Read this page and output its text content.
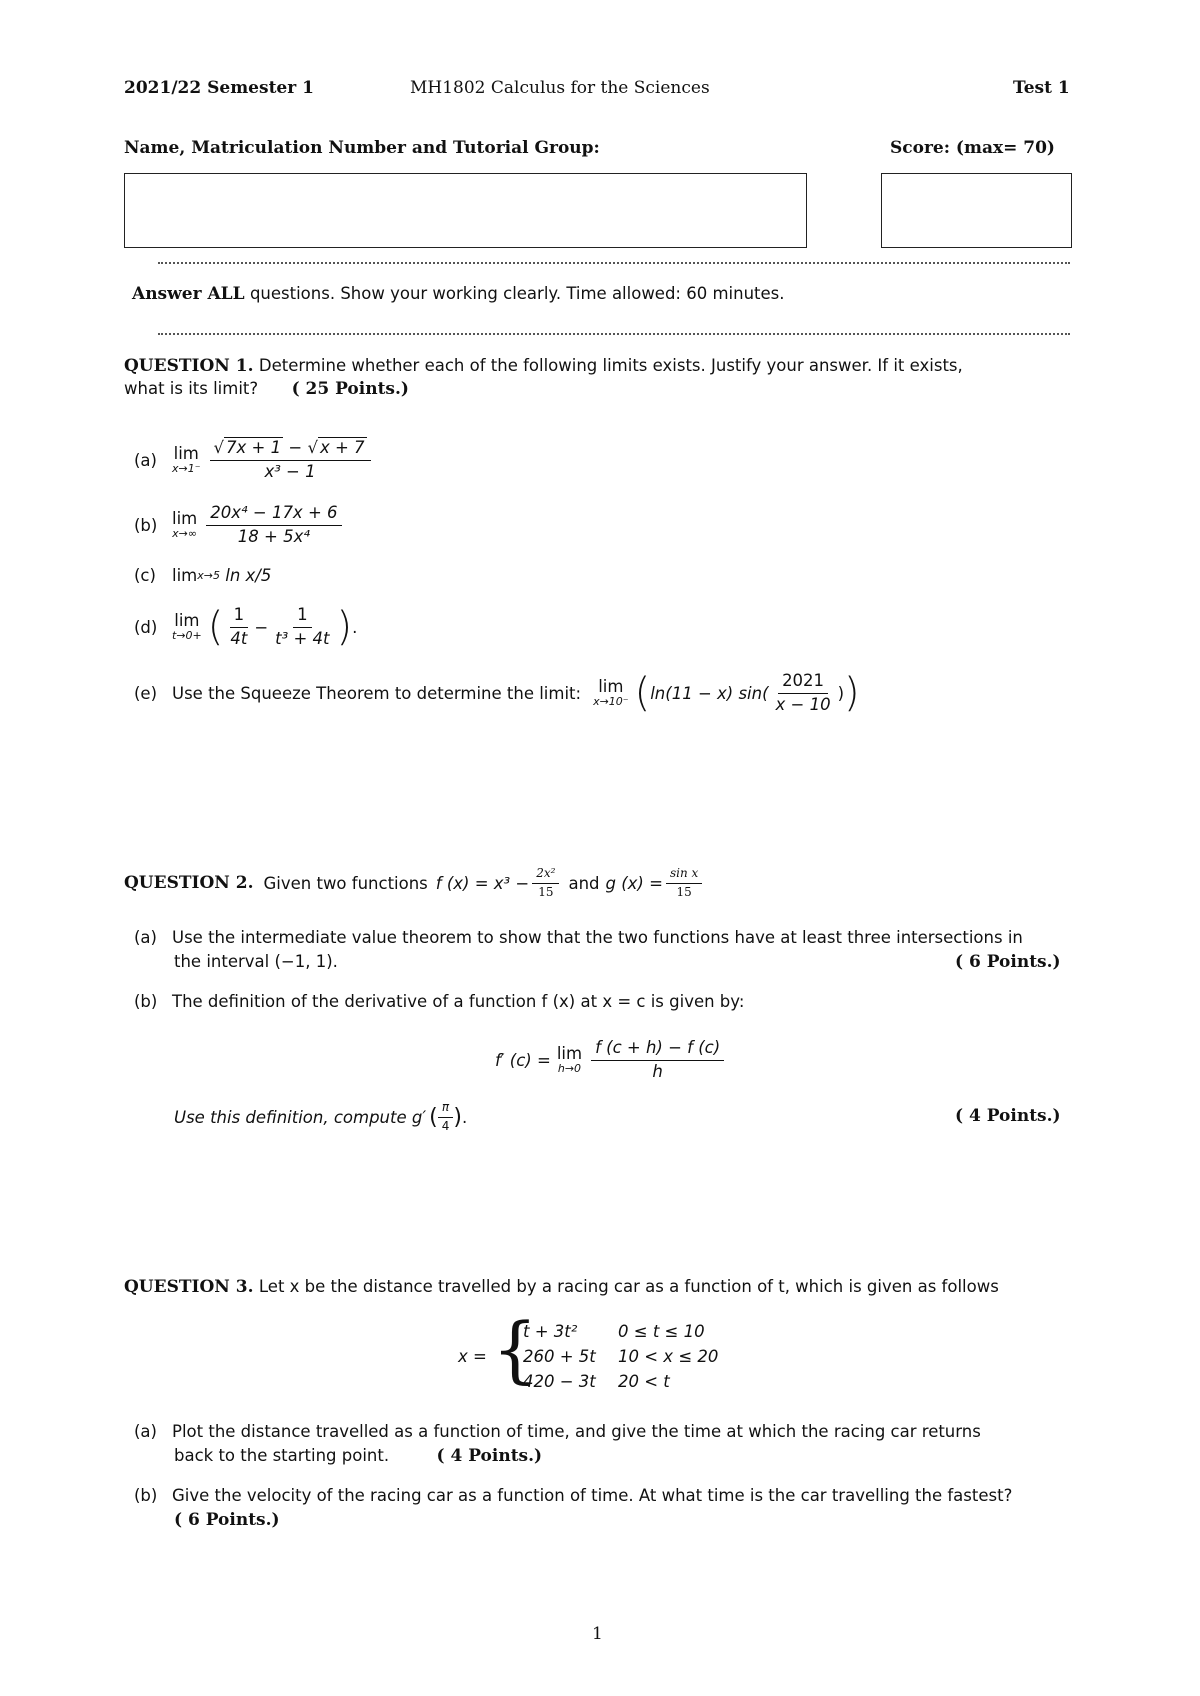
2021/22 Semester 1	MH1802 Calculus for the Sciences	Test 1
Name, Matriculation Number and Tutorial Group:	Score: (max= 70)
Answer ALL questions. Show your working clearly. Time allowed: 60 minutes.
QUESTION 1. Determine whether each of the following limits exists. Justify your answer. If it exists,
what is its limit? ( 25 Points.)
(a)	lim
$x\to 1^- \frac{√ 7x + 1 - √ x + 7}{\text{x³ − 1}}$
(b) lim
$x\to\infty \frac{\text{20x⁴ − 17x + 6}}{\text{18 + 5x⁴}}$
(c) lim x→5 ln x/5
(d)	lim
t→0+ ( $\frac{1}{4t} - \frac{1}{\text{t³ + 4t}}$ ) .
(e) Use the Squeeze Theorem to determine the limit: lim
x→10⁻ ( ln(11 − x) $\sin( \frac{2021}{x - 10}$ ) )
QUESTION 2. Given two functions f $(x) = x^3 - \frac{\text{2x²}}{15}$ and g $(x) = \frac{\text{sin x}}{15}$
(a) Use the intermediate value theorem to show that the two functions have at least three intersections in
the interval (−1, 1).	( 6 Points.)
(b) The definition of the derivative of a function f (x) at x = c is given by:
f′ (c) = lim
$h\to 0 \frac{f (c + h) - f (c)}{h}$
Use this definition, compute g′ ( $\frac{\pi}{4}$ ) .	( 4 Points.)
QUESTION 3. Let x be the distance travelled by a racing car as a function of t, which is given as follows
x = {
t + 3t² 0 ≤ t ≤ 10
260 + 5t 10 < x ≤ 20
420 − 3t 20 < t
(a) Plot the distance travelled as a function of time, and give the time at which the racing car returns
back to the starting point.	( 4 Points.)
(b) Give the velocity of the racing car as a function of time. At what time is the car travelling the fastest?
( 6 Points.)
1
